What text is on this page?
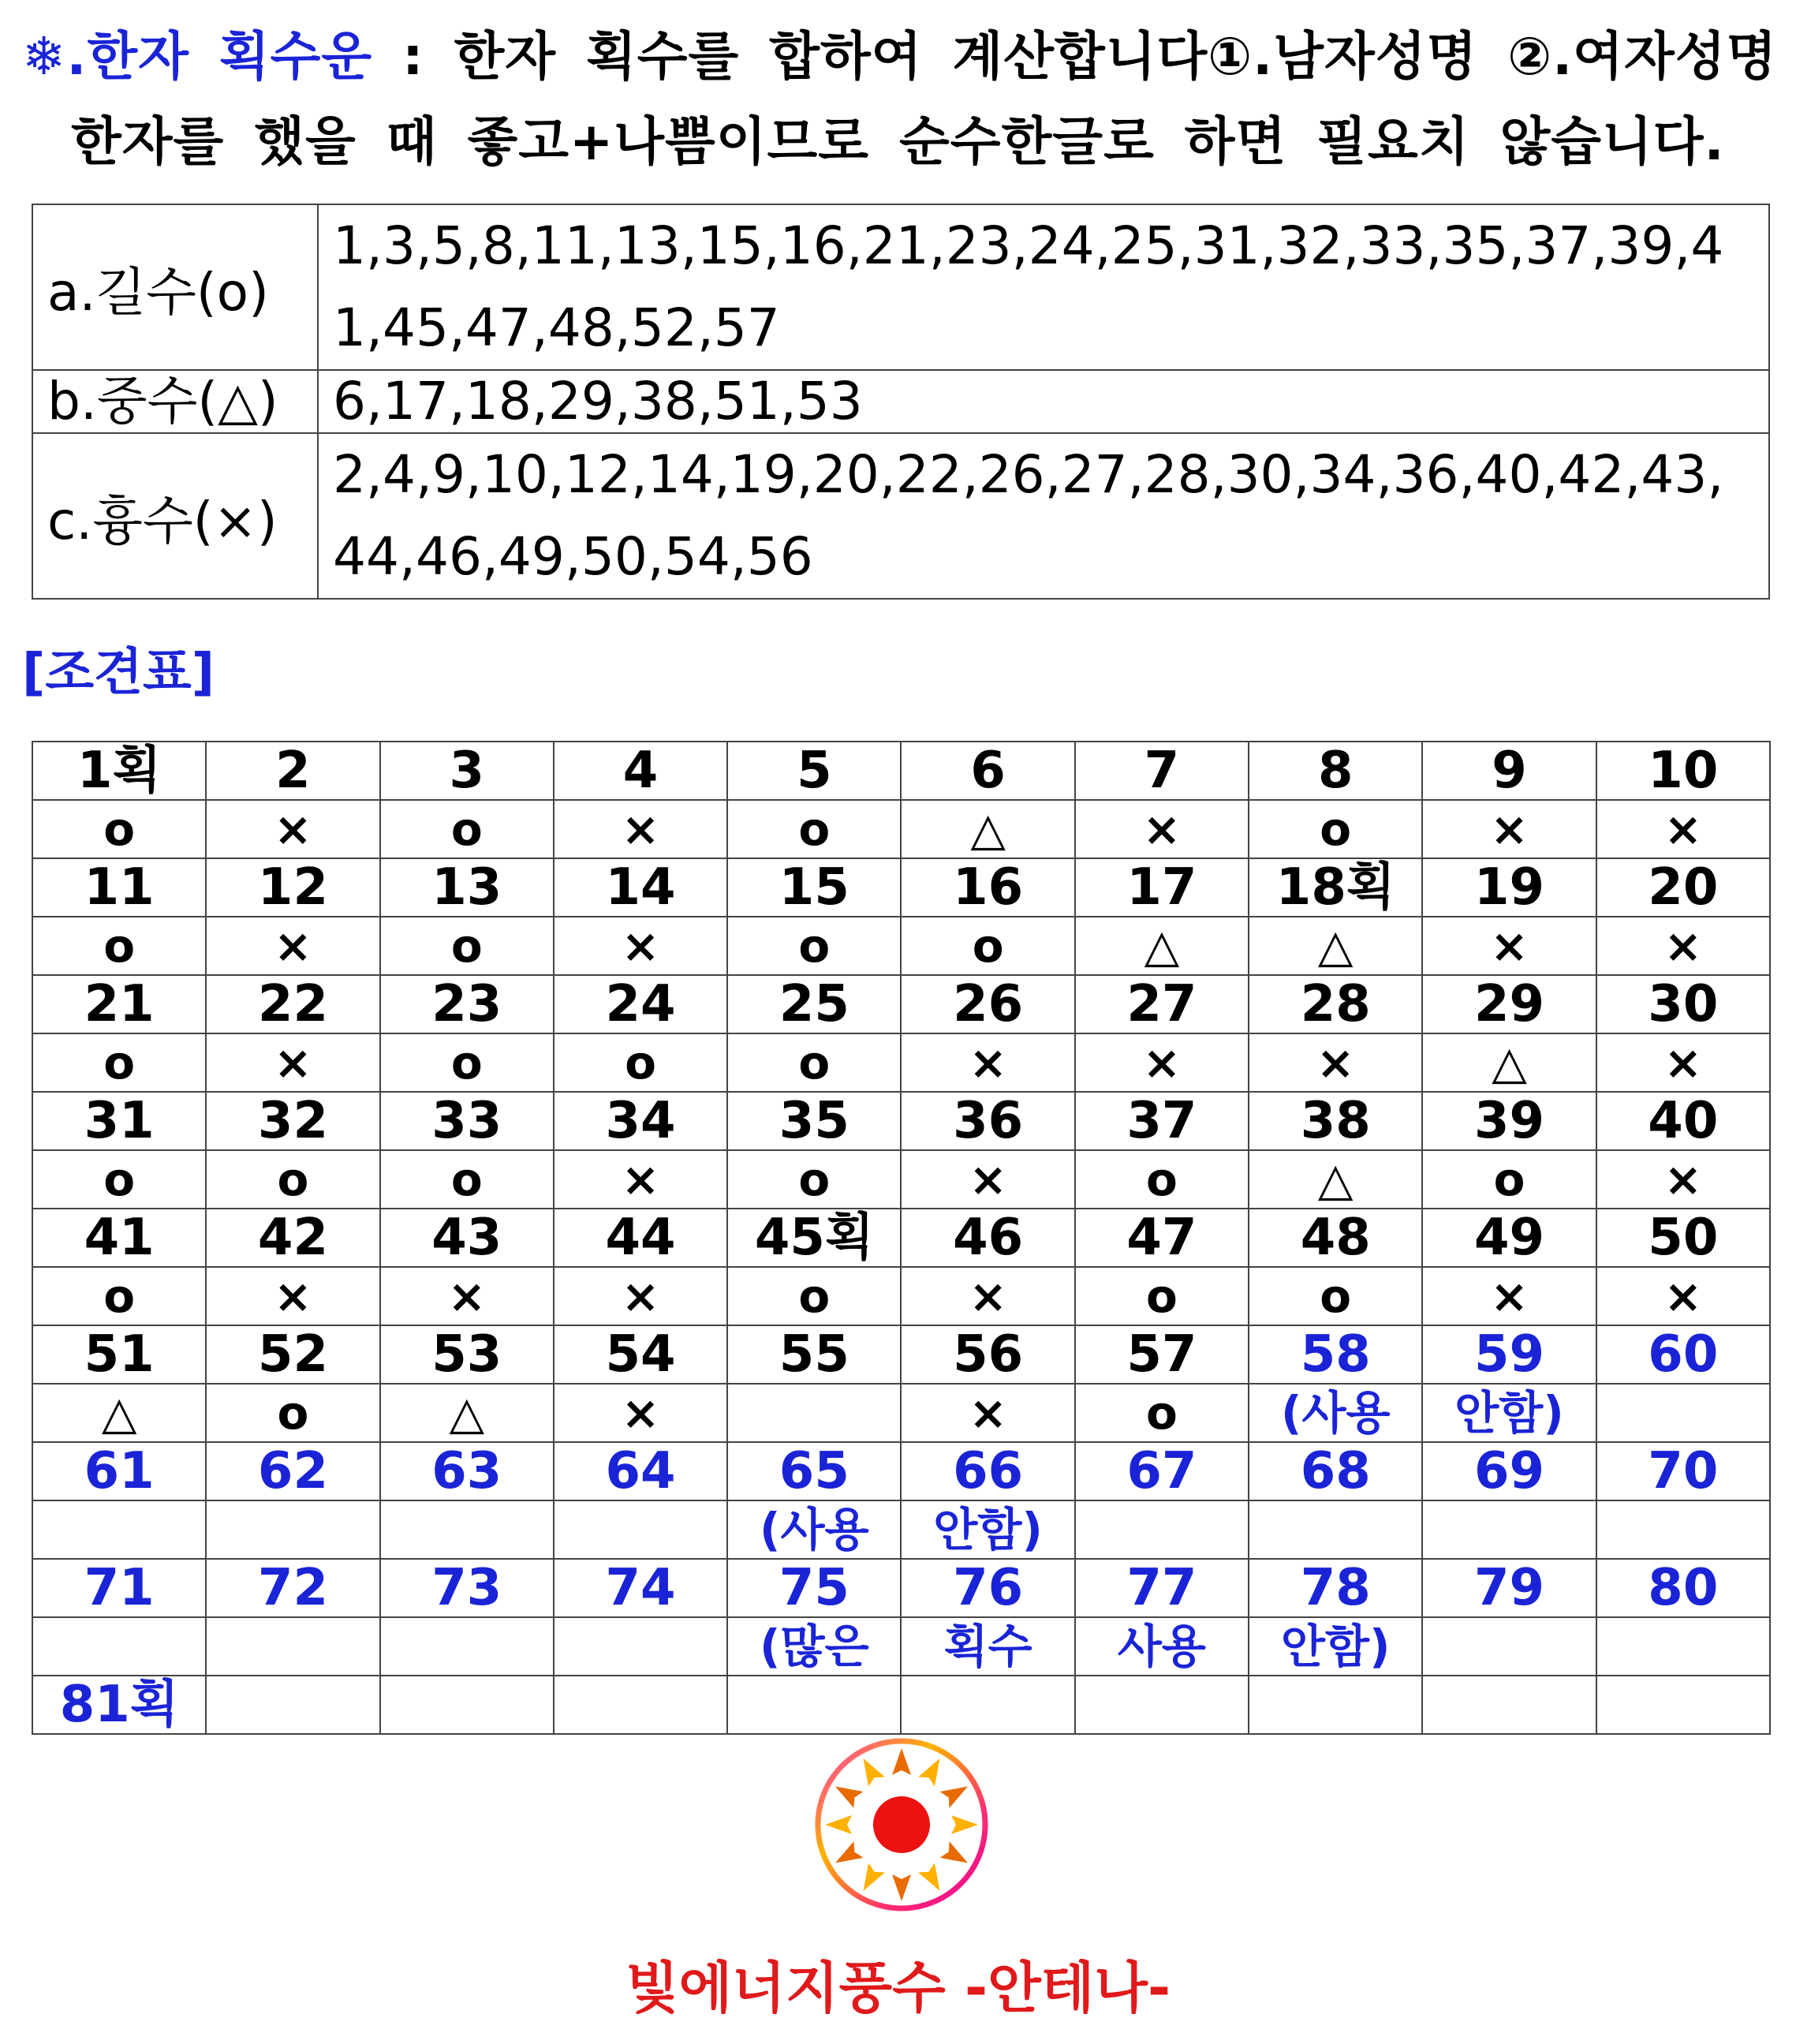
❄.한자 획수운 : 한자 획수를 합하여 계산합니다①.남자성명 ②.여자성명
한자를 했을 때 좋고+나쁨이므로 순수한글로 하면 필요치 않습니다.
a.길수(o)	1,3,5,8,11,13,15,16,21,23,24,25,31,32,33,35,37,39,41,45,47,48,52,57
b.중수(△)	6,17,18,29,38,51,53
c.흉수(×)	2,4,9,10,12,14,19,20,22,26,27,28,30,34,36,40,42,43,44,46,49,50,54,56
[조견표]
1획	2	3	4	5	6	7	8	9	10
o	×	o	×	o	△	×	o	×	×
11	12	13	14	15	16	17	18획	19	20
o	×	o	×	o	o	△	△	×	×
21	22	23	24	25	26	27	28	29	30
o	×	o	o	o	×	×	×	△	×
31	32	33	34	35	36	37	38	39	40
o	o	o	×	o	×	o	△	o	×
41	42	43	44	45획	46	47	48	49	50
o	×	×	×	o	×	o	o	×	×
51	52	53	54	55	56	57	58	59	60
△	o	△	×		×	o	(사용	안함)	
61	62	63	64	65	66	67	68	69	70
				(사용	안함)				
71	72	73	74	75	76	77	78	79	80
				(많은	획수	사용	안함)		
81획									
빛에너지풍수 -안테나-
